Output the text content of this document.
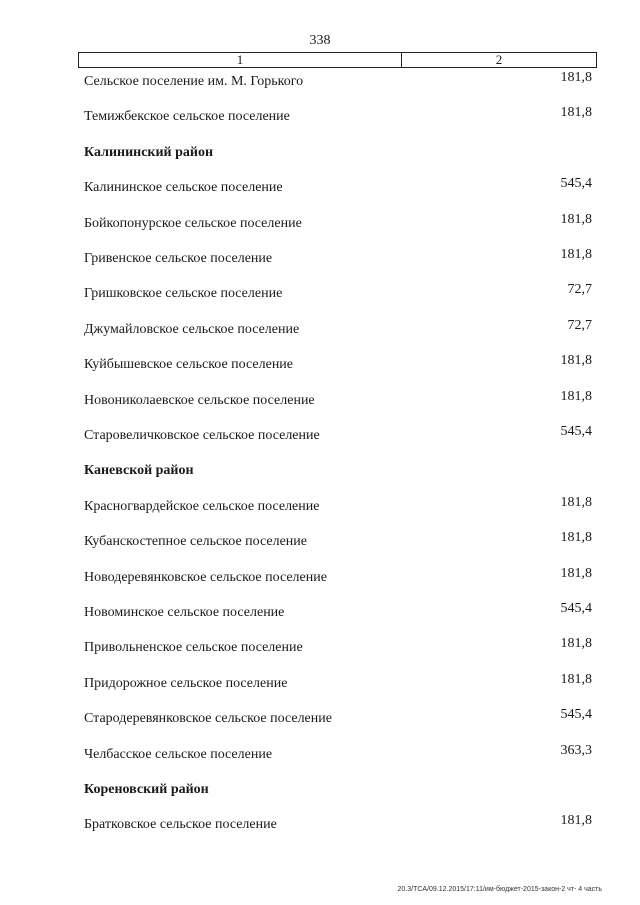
338
1	2
Сельское поселение им. М. Горького	181,8
Темижбекское сельское поселение	181,8
Калининский район
Калининское сельское поселение	545,4
Бойкопонурское сельское поселение	181,8
Гривенское сельское поселение	181,8
Гришковское сельское поселение	72,7
Джумайловское сельское поселение	72,7
Куйбышевское сельское поселение	181,8
Новониколаевское сельское поселение	181,8
Старовеличковское сельское поселение	545,4
Каневской район
Красногвардейское сельское поселение	181,8
Кубанскостепное сельское поселение	181,8
Новодеревянковское сельское поселение	181,8
Новоминское сельское поселение	545,4
Привольненское сельское поселение	181,8
Придорожное сельское поселение	181,8
Стародеревянковское сельское поселение	545,4
Челбасское сельское поселение	363,3
Кореновский район
Братковское сельское поселение	181,8
20.3/TCA/09.12.2015/17:11/им-бюджет-2015-закон-2 чт- 4 часть
